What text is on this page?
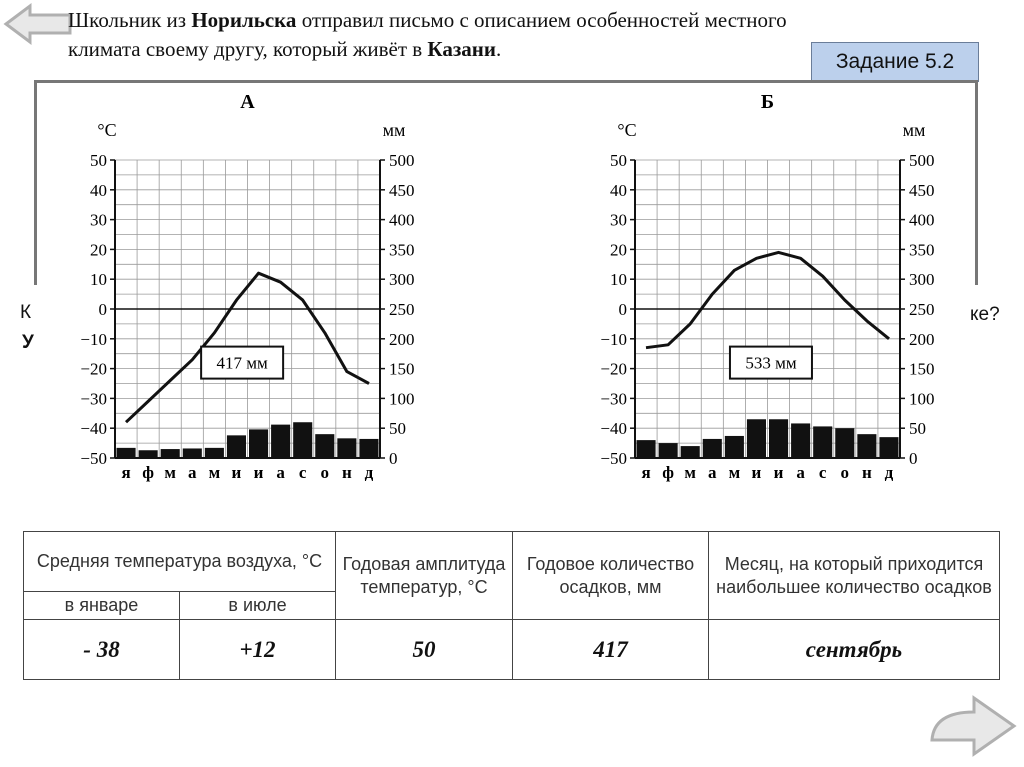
Школьник из Норильска отправил письмо с описанием особенностей местного климата своему другу, который живёт в Казани.
Задание 5.2
К
У
ке?
А
°С	мм
50
40
30
20
10
0
−10
−20
−30
−40
−50
500
450
400
350
300
250
200
150
100
50
0
я ф м а м и и а с о н д
417 мм
Б
°С	мм
50
40
30
20
10
0
−10
−20
−30
−40
−50
500
450
400
350
300
250
200
150
100
50
0
я ф м а м и и а с о н д
533 мм
Средняя температура воздуха, °С		Годовая амплитуда температур, °С	Годовое количество осадков, мм	Месяц, на который приходится наибольшее количество осадков
в январе	в июле			
- 38	+12	50	417	сентябрь
